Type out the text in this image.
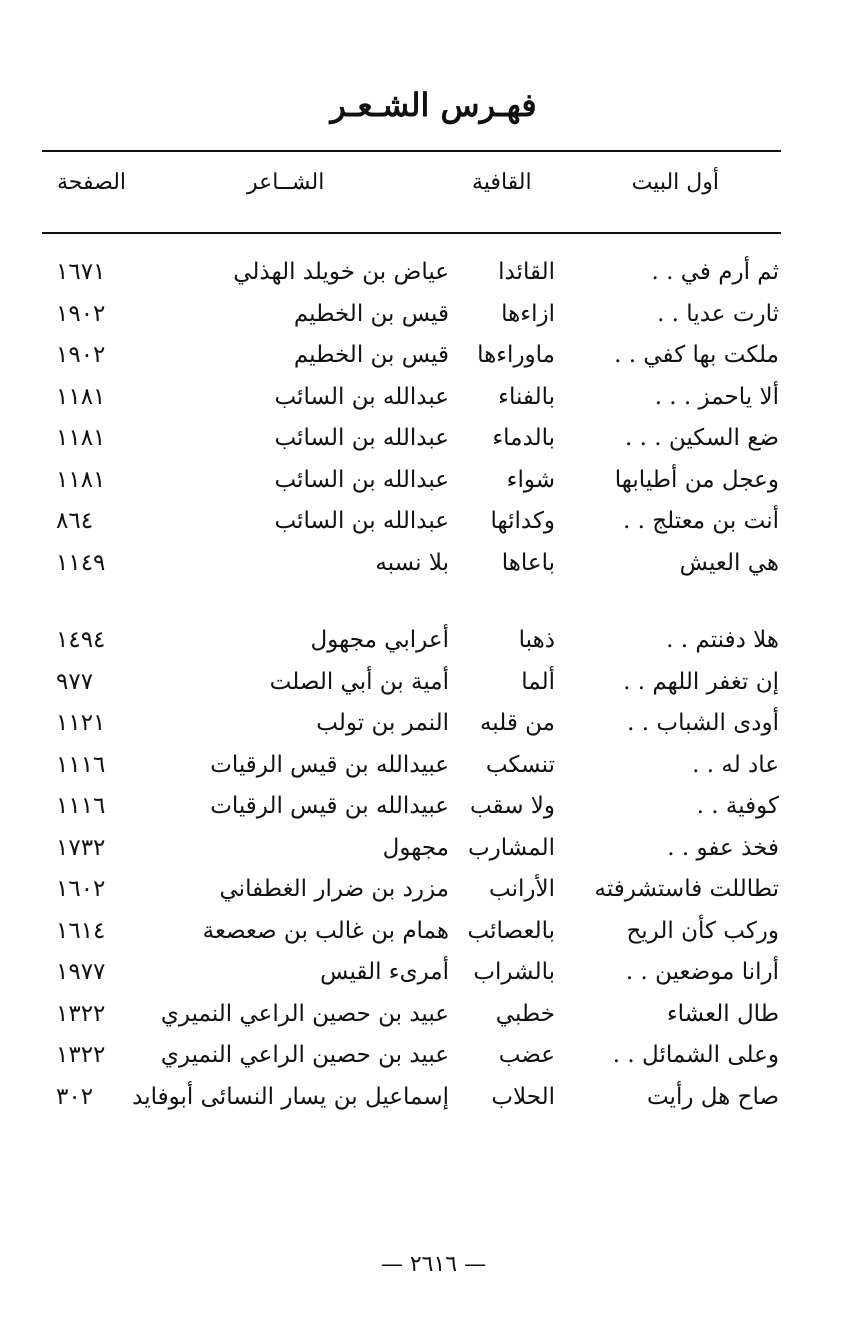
فهـرس الشـعـر
أول البيت
القافية
الشــاعر
الصفحة
ثم أرم في . .
القائدا
عياض بن خويلد الهذلي
١٦٧١
ثارت عديا . .
ازاءها
قيس بن الخطيم
١٩٠٢
ملكت بها كفي . .
ماوراءها
قيس بن الخطيم
١٩٠٢
ألا ياحمز . . .
بالفناء
عبدالله بن السائب
١١٨١
ضع السكين . . .
بالدماء
عبدالله بن السائب
١١٨١
وعجل من أطيابها
شواء
عبدالله بن السائب
١١٨١
أنت بن معتلج . .
وكدائها
عبدالله بن السائب
٨٦٤
هي العيش
باعاها
بلا نسبه
١١٤٩
هلا دفنتم . .
ذهبا
أعرابي مجهول
١٤٩٤
إن تغفر اللهم . .
ألما
أمية بن أبي الصلت
٩٧٧
أودى الشباب . .
من قلبه
النمر بن تولب
١١٢١
عاد له . .
تنسكب
عبيدالله بن قيس الرقيات
١١١٦
كوفية . .
ولا سقب
عبيدالله بن قيس الرقيات
١١١٦
فخذ عفو . .
المشارب
مجهول
١٧٣٢
تطاللت فاستشرفته
الأرانب
مزرد بن ضرار الغطفاني
١٦٠٢
وركب كأن الريح
بالعصائب
همام بن غالب بن صعصعة
١٦١٤
أرانا موضعين . .
بالشراب
أمرىء القيس
١٩٧٧
طال العشاء
خطبي
عبيد بن حصين الراعي النميري
١٣٢٢
وعلى الشمائل . .
عضب
عبيد بن حصين الراعي النميري
١٣٢٢
صاح هل رأيت
الحلاب
إسماعيل بن يسار النسائى أبوفايد
٣٠٢
— ٢٦١٦ —
